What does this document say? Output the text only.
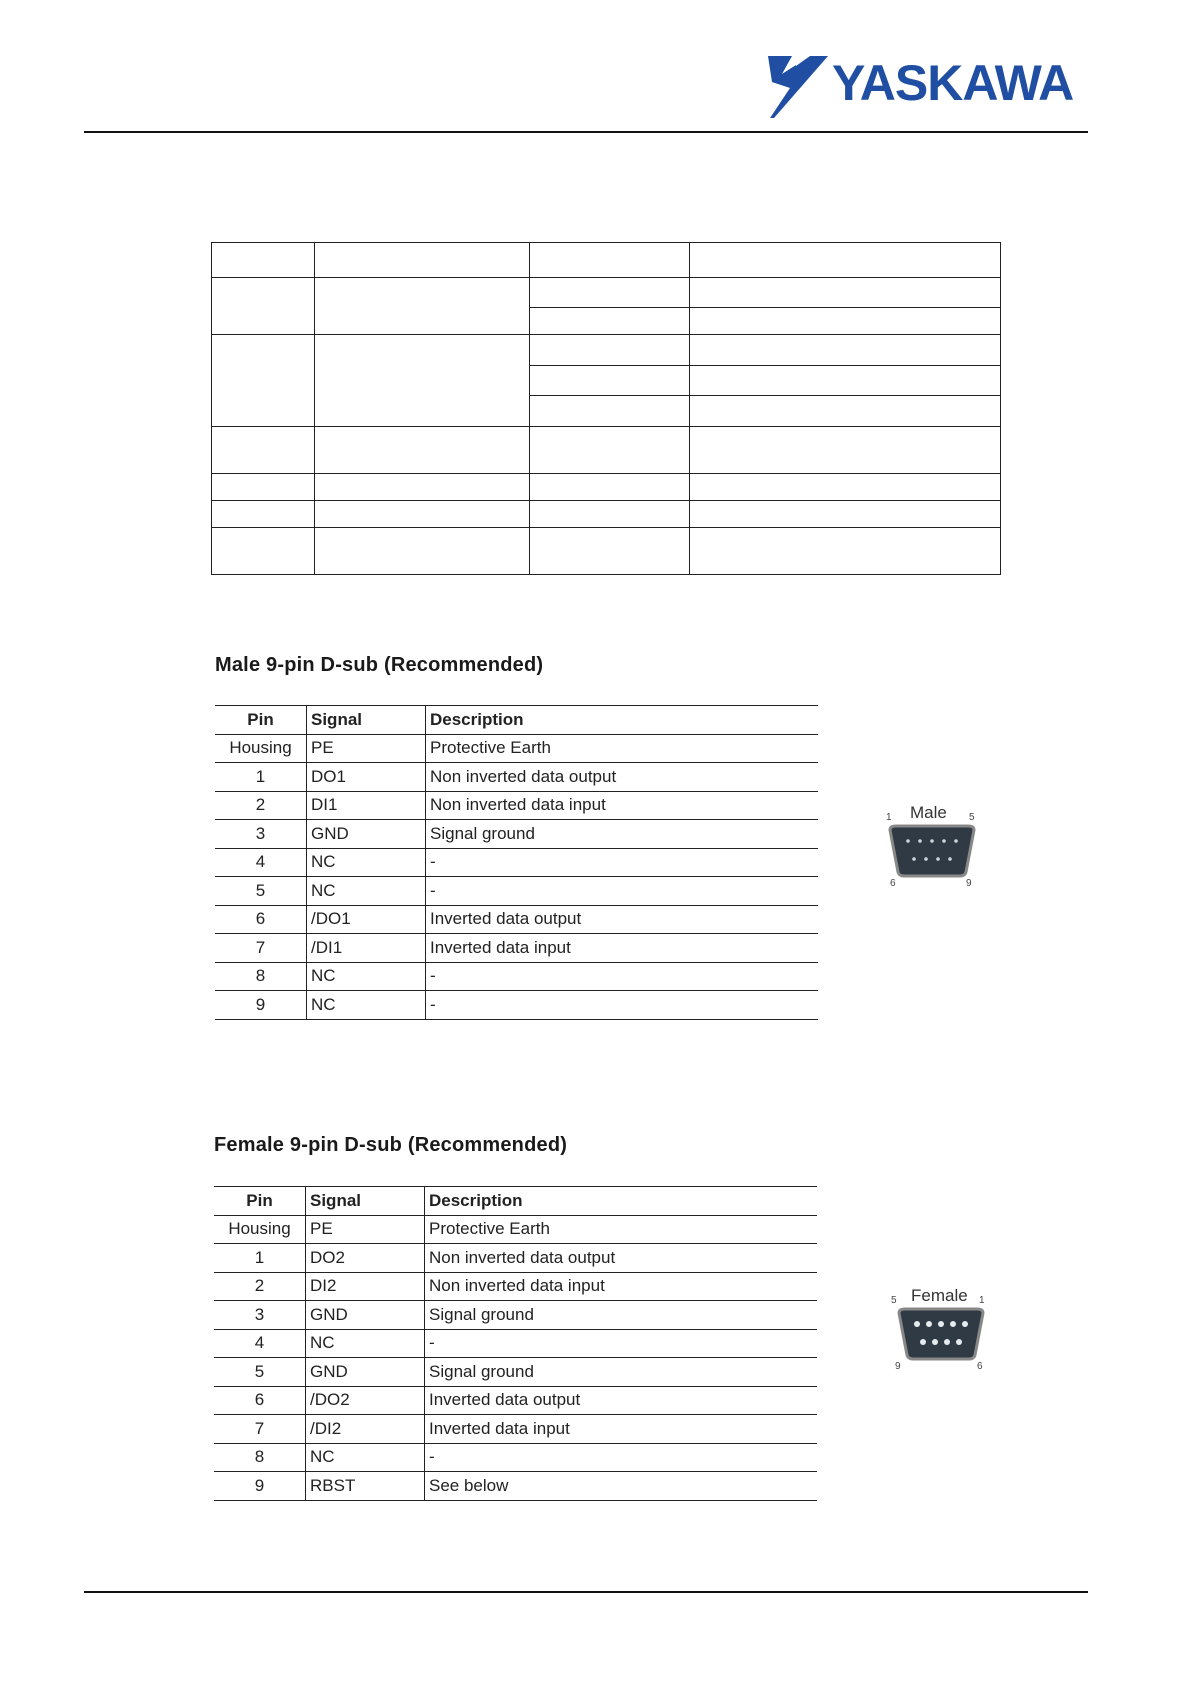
YASKAWA

Male 9-pin D-sub (Recommended)
Pin	Signal	Description
Housing	PE	Protective Earth
1	DO1	Non inverted data output
2	DI1	Non inverted data input
3	GND	Signal ground
4	NC	-
5	NC	-
6	/DO1	Inverted data output
7	/DI1	Inverted data input
8	NC	-
9	NC	-
1 Male 5
6	9
Female 9-pin D-sub (Recommended)
Pin	Signal	Description
Housing	PE	Protective Earth
1	DO2	Non inverted data output
2	DI2	Non inverted data input
3	GND	Signal ground
4	NC	-
5	GND	Signal ground
6	/DO2	Inverted data output
7	/DI2	Inverted data input
8	NC	-
9	RBST	See below
5 Female 1
9	6
